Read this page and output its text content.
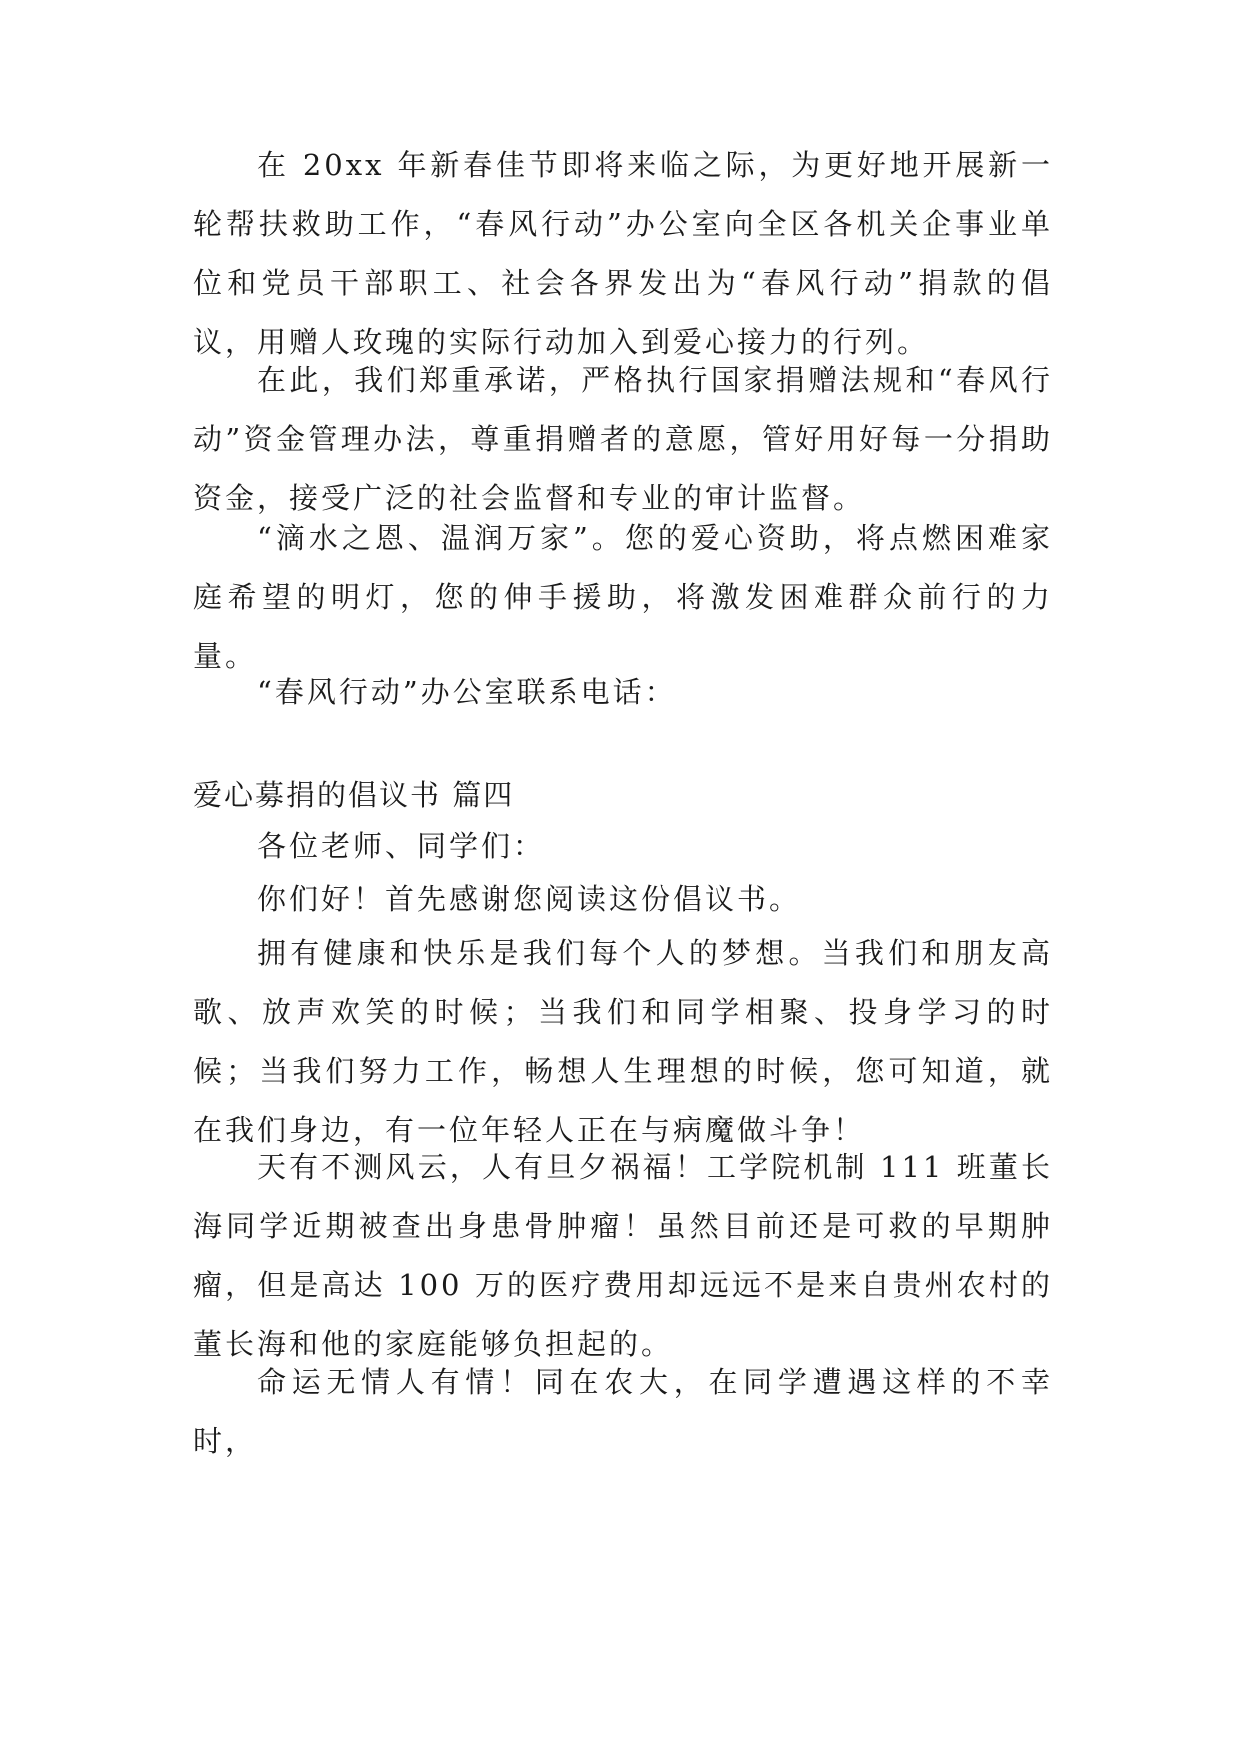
在 20xx 年新春佳节即将来临之际，为更好地开展新一轮帮扶救助工作，“春风行动”办公室向全区各机关企事业单位和党员干部职工、社会各界发出为“春风行动”捐款的倡议，用赠人玫瑰的实际行动加入到爱心接力的行列。

在此，我们郑重承诺，严格执行国家捐赠法规和“春风行动”资金管理办法，尊重捐赠者的意愿，管好用好每一分捐助资金，接受广泛的社会监督和专业的审计监督。

“滴水之恩、温润万家”。您的爱心资助，将点燃困难家庭希望的明灯，您的伸手援助，将激发困难群众前行的力量。

“春风行动”办公室联系电话：

爱心募捐的倡议书 篇四

各位老师、同学们：

你们好！首先感谢您阅读这份倡议书。

拥有健康和快乐是我们每个人的梦想。当我们和朋友高歌、放声欢笑的时候；当我们和同学相聚、投身学习的时候；当我们努力工作，畅想人生理想的时候，您可知道，就在我们身边，有一位年轻人正在与病魔做斗争！

天有不测风云，人有旦夕祸福！工学院机制 111 班董长海同学近期被查出身患骨肿瘤！虽然目前还是可救的早期肿瘤，但是高达 100 万的医疗费用却远远不是来自贵州农村的董长海和他的家庭能够负担起的。

命运无情人有情！同在农大，在同学遭遇这样的不幸时，
